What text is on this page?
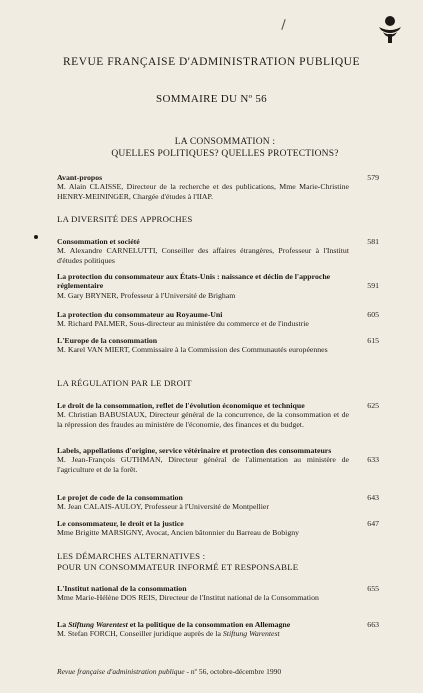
REVUE FRANÇAISE D'ADMINISTRATION PUBLIQUE
SOMMAIRE DU Nº 56
LA CONSOMMATION :
QUELLES POLITIQUES? QUELLES PROTECTIONS?
Avant-propos
M. Alain CLAISSE, Directeur de la recherche et des publications, Mme Marie-Christine HENRY-MEININGER, Chargée d'études à l'IIAP.
579
LA DIVERSITÉ DES APPROCHES
Consommation et société
M. Alexandre CARNELUTTI, Conseiller des affaires étrangères, Professeur à l'Institut d'études politiques
581
La protection du consommateur aux États-Unis : naissance et déclin de l'approche réglementaire
M. Gary BRYNER, Professeur à l'Université de Brigham
591
La protection du consommateur au Royaume-Uni
M. Richard PALMER, Sous-directeur au ministère du commerce et de l'industrie
605
L'Europe de la consommation
M. Karel VAN MIERT, Commissaire à la Commission des Communautés européennes
615
LA RÉGULATION PAR LE DROIT
Le droit de la consommation, reflet de l'évolution économique et technique
M. Christian BABUSIAUX, Directeur général de la concurrence, de la consommation et de la répression des fraudes au ministère de l'économie, des finances et du budget.
625
Labels, appellations d'origine, service vétérinaire et protection des consommateurs
M. Jean-François GUTHMAN, Directeur général de l'alimentation au ministère de l'agriculture et de la forêt.
633
Le projet de code de la consommation
M. Jean CALAIS-AULOY, Professeur à l'Université de Montpellier
643
Le consommateur, le droit et la justice
Mme Brigitte MARSIGNY, Avocat, Ancien bâtonnier du Barreau de Bobigny
647
LES DÉMARCHES ALTERNATIVES :
POUR UN CONSOMMATEUR INFORMÉ ET RESPONSABLE
L'Institut national de la consommation
Mme Marie-Hélène DOS REIS, Directeur de l'Institut national de la Consommation
655
La Stiftung Warentest et la politique de la consommation en Allemagne
M. Stefan FORCH, Conseiller juridique auprès de la Stiftung Warentest
663
Revue française d'administration publique - nº 56, octobre-décembre 1990
